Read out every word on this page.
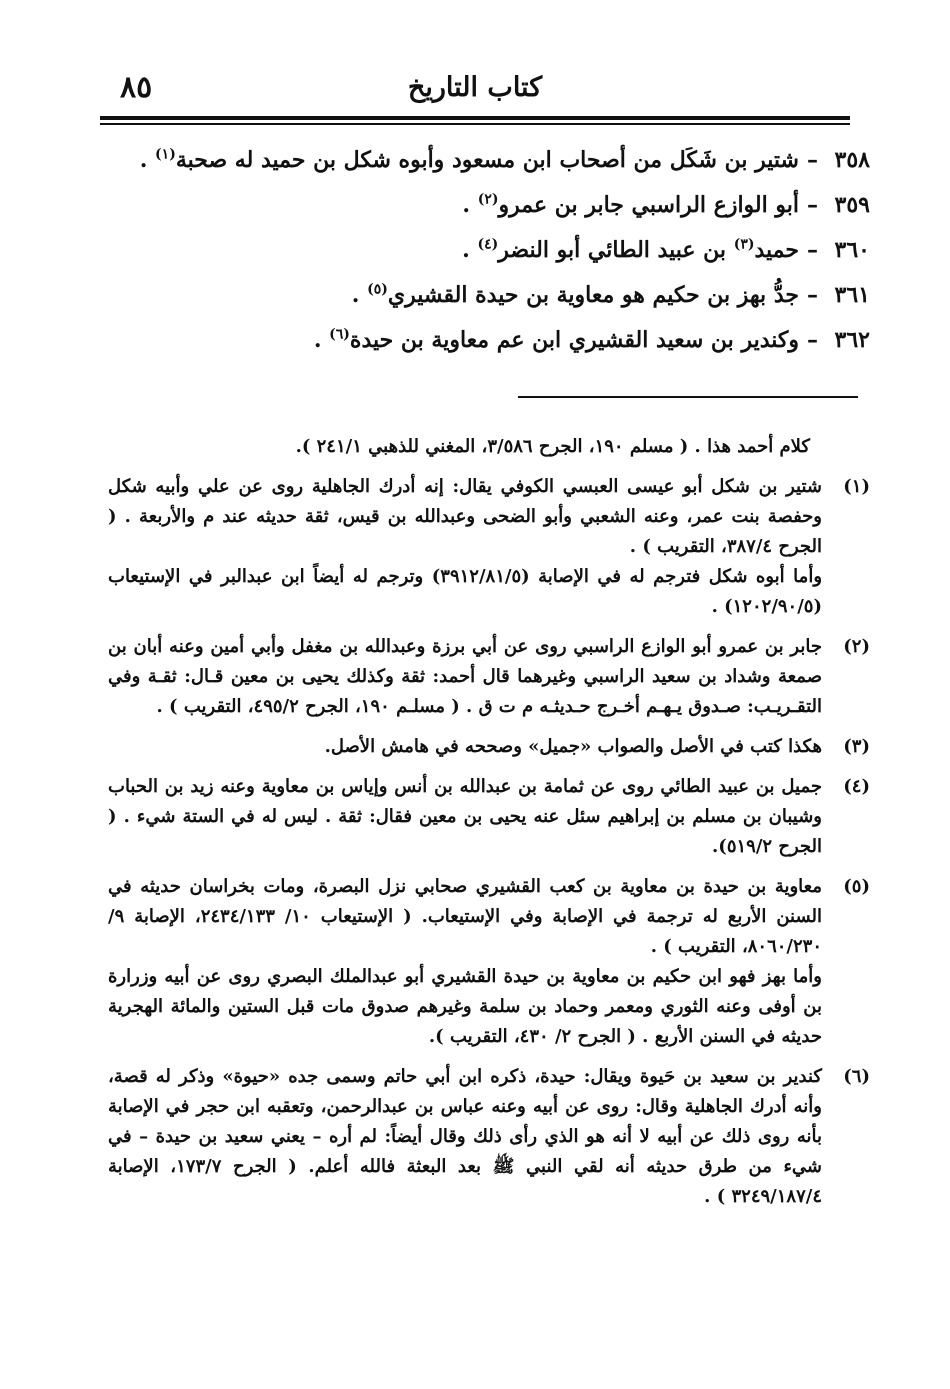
٨٥	كتاب التاريخ
٣٥٨–شتير بن شَكَل من أصحاب ابن مسعود وأبوه شكل بن حميد له صحبة$^{(١)}$ .
٣٥٩–أبو الوازع الراسبي جابر بن عمرو$^{(٢)}$ .
٣٦٠–حميد$^{(٣)}$ بن عبيد الطائي أبو النضر$^{(٤)}$ .
٣٦١–جدُّ بهز بن حكيم هو معاوية بن حيدة القشيري$^{(٥)}$ .
٣٦٢–وكندير بن سعيد القشيري ابن عم معاوية بن حيدة$^{(٦)}$ .
كلام أحمد هذا . ( مسلم ١٩٠، الجرح ٣/٥٨٦، المغني للذهبي ٢٤١/١ ).
(١)

شتير بن شكل أبو عيسى العبسي الكوفي يقال: إنه أدرك الجاهلية روى عن علي وأبيه شكل وحفصة بنت عمر، وعنه الشعبي وأبو الضحى وعبدالله بن قيس، ثقة حديثه عند م والأربعة . ( الجرح ٣٨٧/٤، التقريب ) .

وأما أبوه شكل فترجم له في الإصابة (٣٩١٢/٨١/٥) وترجم له أيضاً ابن عبدالبر في الإستيعاب (١٢٠٢/٩٠/٥) .

(٢)

جابر بن عمرو أبو الوازع الراسبي روى عن أبي برزة وعبدالله بن مغفل وأبي أمين وعنه أبان بن صمعة وشداد بن سعيد الراسبي وغيرهما قال أحمد: ثقة وكذلك يحيى بن معين قـال: ثقـة وفي التقـريـب: صـدوق يـهـم أخـرج حـديثـه م ت ق . ( مسلـم ١٩٠، الجرح ٤٩٥/٢، التقريب ) .

(٣)

هكذا كتب في الأصل والصواب «جميل» وصححه في هامش الأصل.

(٤)

جميل بن عبيد الطائي روى عن ثمامة بن عبدالله بن أنس وإياس بن معاوية وعنه زيد بن الحباب وشيبان بن مسلم بن إبراهيم سئل عنه يحيى بن معين فقال: ثقة . ليس له في الستة شيء . ( الجرح ٥١٩/٢).

(٥)

معاوية بن حيدة بن معاوية بن كعب القشيري صحابي نزل البصرة، ومات بخراسان حديثه في السنن الأربع له ترجمة في الإصابة وفي الإستيعاب. ( الإستيعاب ١٠/ ٢٤٣٤/١٣٣، الإصابة ٩/ ٨٠٦٠/٢٣٠، التقريب ) .

وأما بهز فهو ابن حكيم بن معاوية بن حيدة القشيري أبو عبدالملك البصري روى عن أبيه وزرارة بن أوفى وعنه الثوري ومعمر وحماد بن سلمة وغيرهم صدوق مات قبل الستين والمائة الهجرية حديثه في السنن الأربع . ( الجرح ٢/ ٤٣٠، التقريب ).

(٦)

كندير بن سعيد بن حَيوة ويقال: حيدة، ذكره ابن أبي حاتم وسمى جده «حيوة» وذكر له قصة، وأنه أدرك الجاهلية وقال: روى عن أبيه وعنه عباس بن عبدالرحمن، وتعقبه ابن حجر في الإصابة بأنه روى ذلك عن أبيه لا أنه هو الذي رأى ذلك وقال أيضاً: لم أره – يعني سعيد بن حيدة – في شيء من طرق حديثه أنه لقي النبي ﷺ بعد البعثة فالله أعلم. ( الجرح ١٧٣/٧، الإصابة ٣٢٤٩/١٨٧/٤ ) .
